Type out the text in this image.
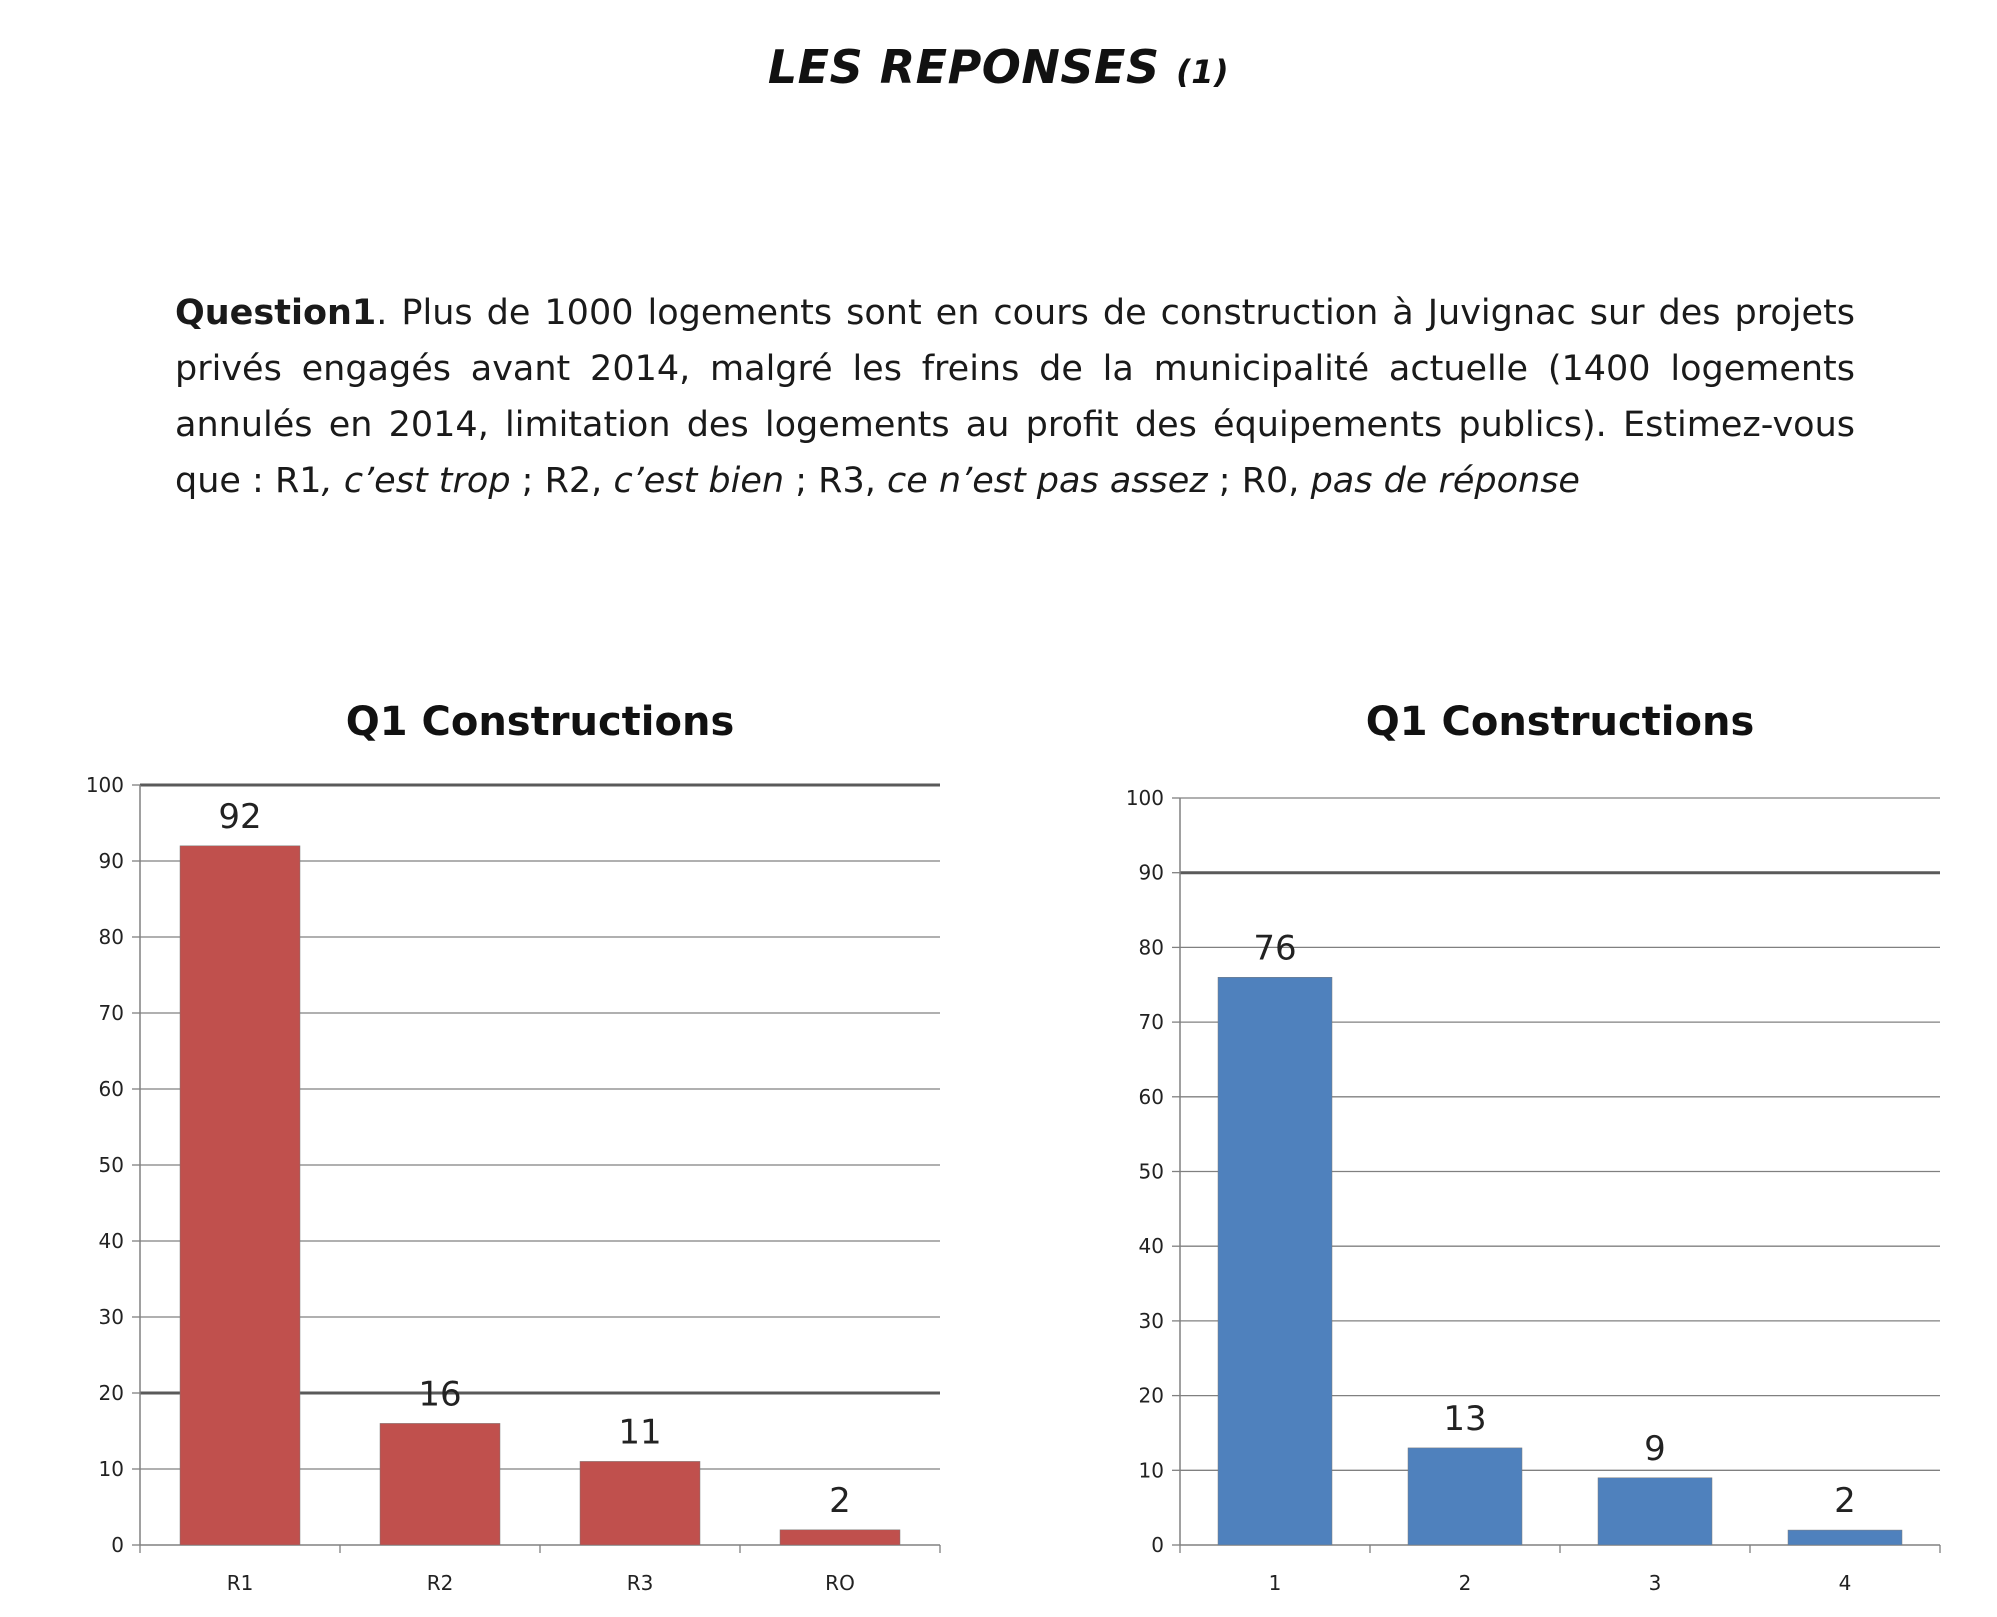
LES REPONSES (1)
Question1. Plus de 1000 logements sont en cours de construction à Juvignac sur des projets privés engagés avant 2014, malgré les freins de la municipalité actuelle (1400 logements annulés en 2014, limitation des logements au profit des équipements publics). Estimez-vous que : R1, c’est trop ; R2, c’est bien ; R3, ce n’est pas assez ; R0, pas de réponse
Q1 Constructions
0
10
20
30
40
50
60
70
80
90
100
92
R1
16
R2
11
R3
2
RO
Q1 Constructions
0
10
20
30
40
50
60
70
80
90
100
76
1
13
2
9
3
2
4
